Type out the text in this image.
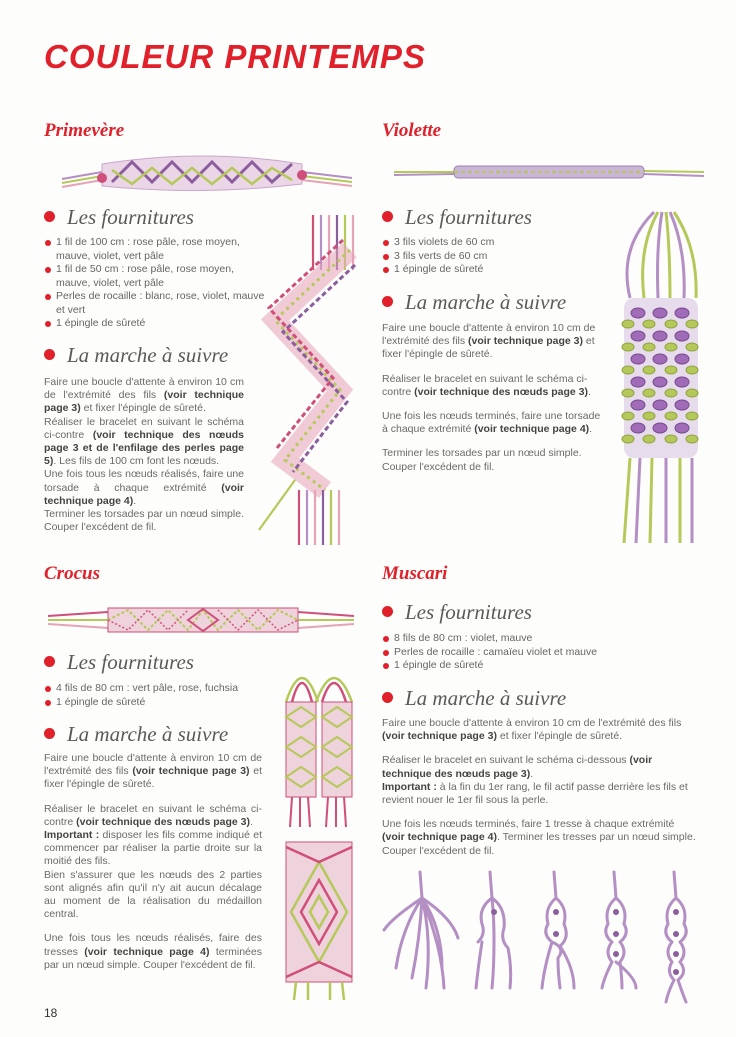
COULEUR PRINTEMPS
Primevère
Les fournitures
1 fil de 100 cm : rose pâle, rose moyen, mauve, violet, vert pâle
1 fil de 50 cm : rose pâle, rose moyen, mauve, violet, vert pâle
Perles de rocaille : blanc, rose, violet, mauve et vert
1 épingle de sûreté
La marche à suivre

Faire une boucle d'attente à environ 10 cm de l'extrémité des fils (voir technique page 3) et fixer l'épingle de sûreté.

Réaliser le bracelet en suivant le schéma ci-contre (voir technique des nœuds page 3 et de l'enfilage des perles page 5). Les fils de 100 cm font les nœuds.

Une fois tous les nœuds réalisés, faire une torsade à chaque extrémité (voir technique page 4).

Terminer les torsades par un nœud simple. Couper l'excédent de fil.

Violette
Les fournitures
3 fils violets de 60 cm
3 fils verts de 60 cm
1 épingle de sûreté
La marche à suivre

Faire une boucle d'attente à environ 10 cm de l'extrémité des fils (voir technique page 3) et fixer l'épingle de sûreté.

Réaliser le bracelet en suivant le schéma ci-contre (voir technique des nœuds page 3).

Une fois les nœuds terminés, faire une torsade à chaque extrémité (voir technique page 4).

Terminer les torsades par un nœud simple. Couper l'excédent de fil.

Crocus
Les fournitures
4 fils de 80 cm : vert pâle, rose, fuchsia
1 épingle de sûreté
La marche à suivre

Faire une boucle d'attente à environ 10 cm de l'extrémité des fils (voir technique page 3) et fixer l'épingle de sûreté.

Réaliser le bracelet en suivant le schéma ci-contre (voir technique des nœuds page 3).

Important : disposer les fils comme indiqué et commencer par réaliser la partie droite sur la moitié des fils.

Bien s'assurer que les nœuds des 2 parties sont alignés afin qu'il n'y ait aucun décalage au moment de la réalisation du médaillon central.

Une fois tous les nœuds réalisés, faire des tresses (voir technique page 4) terminées par un nœud simple. Couper l'excédent de fil.

Muscari
Les fournitures
8 fils de 80 cm : violet, mauve
Perles de rocaille : camaïeu violet et mauve
1 épingle de sûreté
La marche à suivre

Faire une boucle d'attente à environ 10 cm de l'extrémité des fils (voir technique page 3) et fixer l'épingle de sûreté.

Réaliser le bracelet en suivant le schéma ci-dessous (voir technique des nœuds page 3).

Important : à la fin du 1er rang, le fil actif passe derrière les fils et revient nouer le 1er fil sous la perle.

Une fois les nœuds terminés, faire 1 tresse à chaque extrémité (voir technique page 4). Terminer les tresses par un nœud simple. Couper l'excédent de fil.

18
